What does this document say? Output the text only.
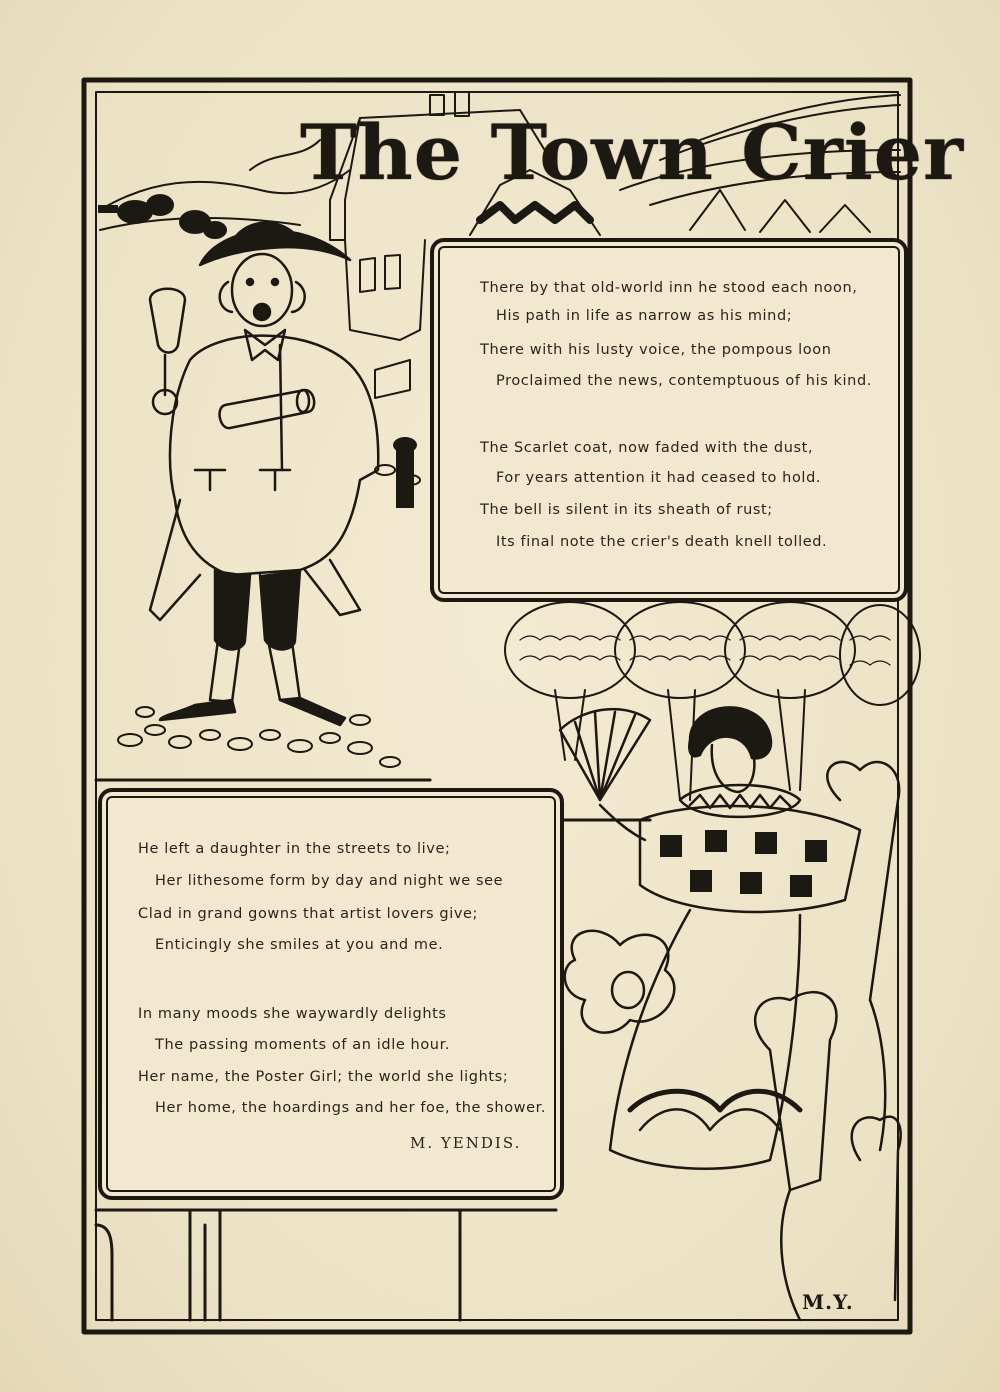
The Town Crier
There by that old-world inn he stood each noon,
His path in life as narrow as his mind;
There with his lusty voice, the pompous loon
Proclaimed the news, contemptuous of his kind.
The Scarlet coat, now faded with the dust,
For years attention it had ceased to hold.
The bell is silent in its sheath of rust;
Its final note the crier's death knell tolled.
He left a daughter in the streets to live;
Her lithesome form by day and night we see
Clad in grand gowns that artist lovers give;
Enticingly she smiles at you and me.
In many moods she waywardly delights
The passing moments of an idle hour.
Her name, the Poster Girl; the world she lights;
Her home, the hoardings and her foe, the shower.
M. YENDIS.
M.Y.
